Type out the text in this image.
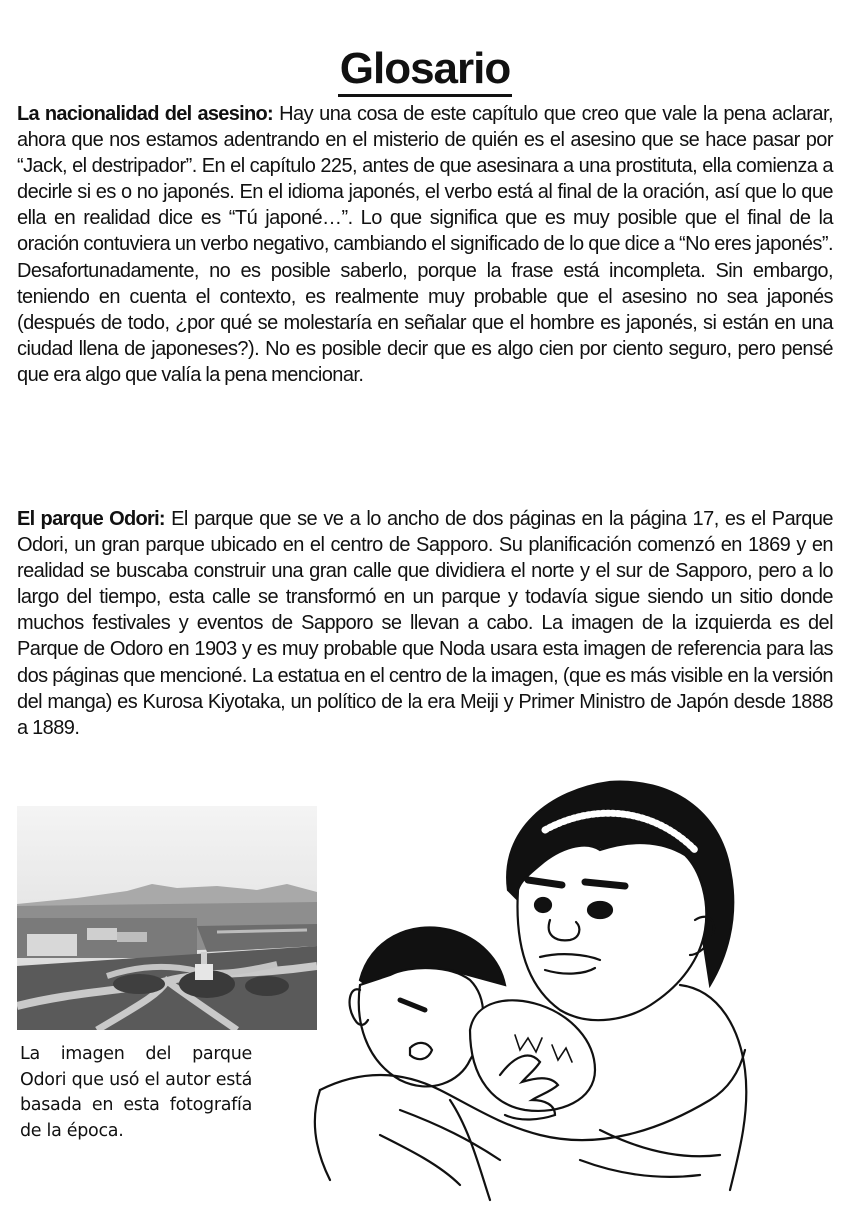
Glosario
La nacionalidad del asesino: Hay una cosa de este capítulo que creo que vale la pena aclarar, ahora que nos estamos adentrando en el misterio de quién es el asesino que se hace pasar por “Jack, el destripador”. En el capítulo 225, antes de que asesinara a una prostituta, ella comienza a decirle si es o no japonés. En el idioma japonés, el verbo está al final de la oración, así que lo que ella en realidad dice es “Tú japoné…”. Lo que significa que es muy posible que el final de la oración contuviera un verbo negativo, cambiando el significado de lo que dice a “No eres japonés”. Desafortunadamente, no es posible saberlo, porque la frase está incompleta. Sin embargo, teniendo en cuenta el contexto, es realmente muy probable que el asesino no sea japonés (después de todo, ¿por qué se molestaría en señalar que el hombre es japonés, si están en una ciudad llena de japoneses?). No es posible decir que es algo cien por ciento seguro, pero pensé que era algo que valía la pena mencionar.
El parque Odori: El parque que se ve a lo ancho de dos páginas en la página 17, es el Parque Odori, un gran parque ubicado en el centro de Sapporo. Su planificación comenzó en 1869 y en realidad se buscaba construir una gran calle que dividiera el norte y el sur de Sapporo, pero a lo largo del tiempo, esta calle se transformó en un parque y todavía sigue siendo un sitio donde muchos festivales y eventos de Sapporo se llevan a cabo. La imagen de la izquierda es del Parque de Odoro en 1903 y es muy probable que Noda usara esta imagen de referencia para las dos páginas que mencioné. La estatua en el centro de la imagen, (que es más visible en la versión del manga) es Kurosa Kiyotaka, un político de la era Meiji y Primer Ministro de Japón desde 1888 a 1889.
La imagen del parque Odori que usó el autor está basada en esta fotografía de la época.
